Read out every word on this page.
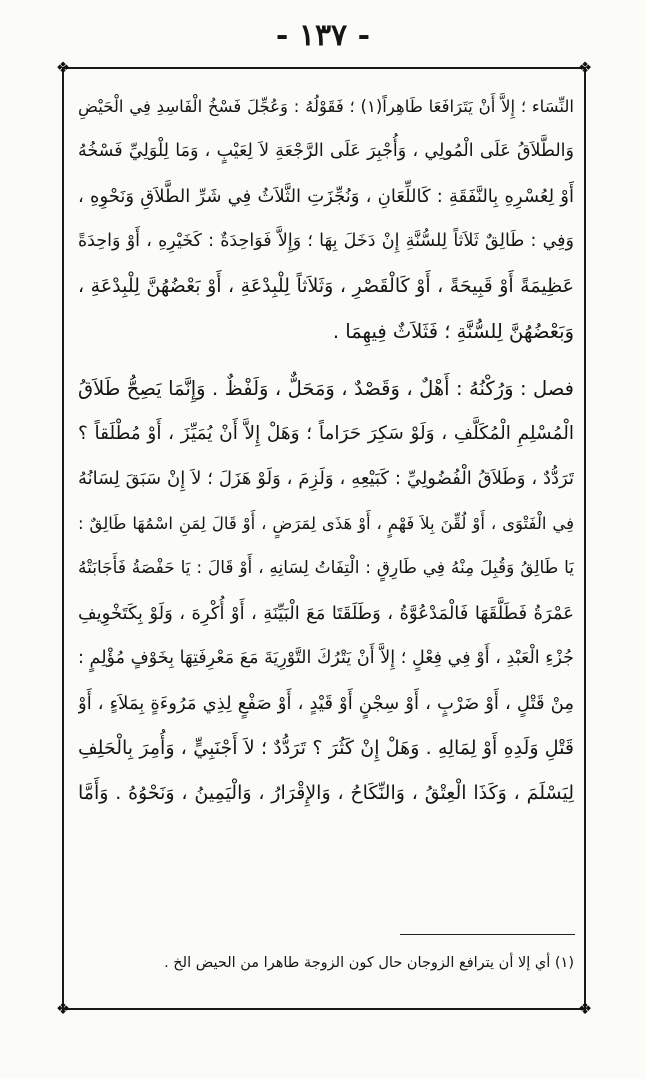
- ١٣٧ -
❖	❖
❖	❖
النِّسَاء ؛ إِلاَّ أَنْ يَتَرَافَعَا طَاهِراً(١) ؛ فَقَوْلُهُ : وَعُجِّلَ فَسْخُ الْفَاسِدِ فِي الْحَيْضِ
وَالطَّلاَقُ عَلَى الْمُولِي ، وَأُجْبِرَ عَلَى الرَّجْعَةِ لاَ لِعَيْبٍ ، وَمَا لِلْوَلِيِّ فَسْخُهُ
أَوْ لِعُسْرِهِ بِالنَّفَقَةِ : كَاللِّعَانِ ، وَنُجِّزَتِ الثَّلاَثُ فِي شَرِّ الطَّلاَقِ وَنَحْوِهِ ،
وَفِي : طَالِقٌ ثَلاَثاً لِلسُّنَّةِ إِنْ دَخَلَ بِهَا ؛ وَإِلاَّ فَوَاحِدَةٌ : كَخَيْرِهِ ، أَوْ وَاحِدَةً
عَظِيمَةً أَوْ قَبِيحَةً ، أَوْ كَالْقَصْرِ ، وَثَلاَثاً لِلْبِدْعَةِ ، أَوْ بَعْضُهُنَّ لِلْبِدْعَةِ ،
وَبَعْضُهُنَّ لِلسُّنَّةِ ؛ فَثَلاَثٌ فِيهِمَا .
فصل : وَرُكْنُهُ : أَهْلٌ ، وَقَصْدٌ ، وَمَحَلٌّ ، وَلَفْظٌ . وَإِنَّمَا يَصِحُّ طَلاَقُ
الْمُسْلِمِ الْمُكَلَّفِ ، وَلَوْ سَكِرَ حَرَاماً ؛ وَهَلْ إِلاَّ أَنْ يُمَيِّزَ ، أَوْ مُطْلَقاً ؟
تَرَدُّدٌ ، وَطَلاَقُ الْفُضُولِيِّ : كَبَيْعِهِ ، وَلَزِمَ ، وَلَوْ هَزَلَ ؛ لاَ إِنْ سَبَقَ لِسَانُهُ
فِي الْفَتْوَى ، أَوْ لُقِّنَ بِلاَ فَهْمٍ ، أَوْ هَذَى لِمَرَضٍ ، أَوْ قَالَ لِمَنِ اسْمُهَا طَالِقٌ :
يَا طَالِقُ وَقُبِلَ مِنْهُ فِي طَارِقٍ : الْتِفَاتُ لِسَانِهِ ، أَوْ قَالَ : يَا حَفْصَةُ فَأَجَابَتْهُ
عَمْرَةُ فَطَلَّقَهَا فَالْمَدْعُوَّةُ ، وَطَلَقَتَا مَعَ الْبَيِّنَةِ ، أَوْ أُكْرِهَ ، وَلَوْ بِكَتَخْوِيفِ
جُزْءِ الْعَبْدِ ، أَوْ فِي فِعْلٍ ؛ إِلاَّ أَنْ يَتْرُكَ التَّوْرِيَةَ مَعَ مَعْرِفَتِهَا بِخَوْفٍ مُؤْلِمٍ :
مِنْ قَتْلٍ ، أَوْ ضَرْبٍ ، أَوْ سِجْنٍ أَوْ قَيْدٍ ، أَوْ صَفْعٍ لِذِي مَرُوءَةٍ بِمَلاَءٍ ، أَوْ
قَتْلِ وَلَدِهِ أَوْ لِمَالِهِ . وَهَلْ إِنْ كَثُرَ ؟ تَرَدُّدٌ ؛ لاَ أَجْنَبِيٍّ ، وَأُمِرَ بِالْحَلِفِ
لِيَسْلَمَ ، وَكَذَا الْعِتْقُ ، وَالنِّكَاحُ ، وَالإِقْرَارُ ، وَالْيَمِينُ ، وَنَحْوُهُ . وَأَمَّا
(١) أي إلا أن يترافع الزوجان حال كون الزوجة طاهرا من الحيض الخ .
